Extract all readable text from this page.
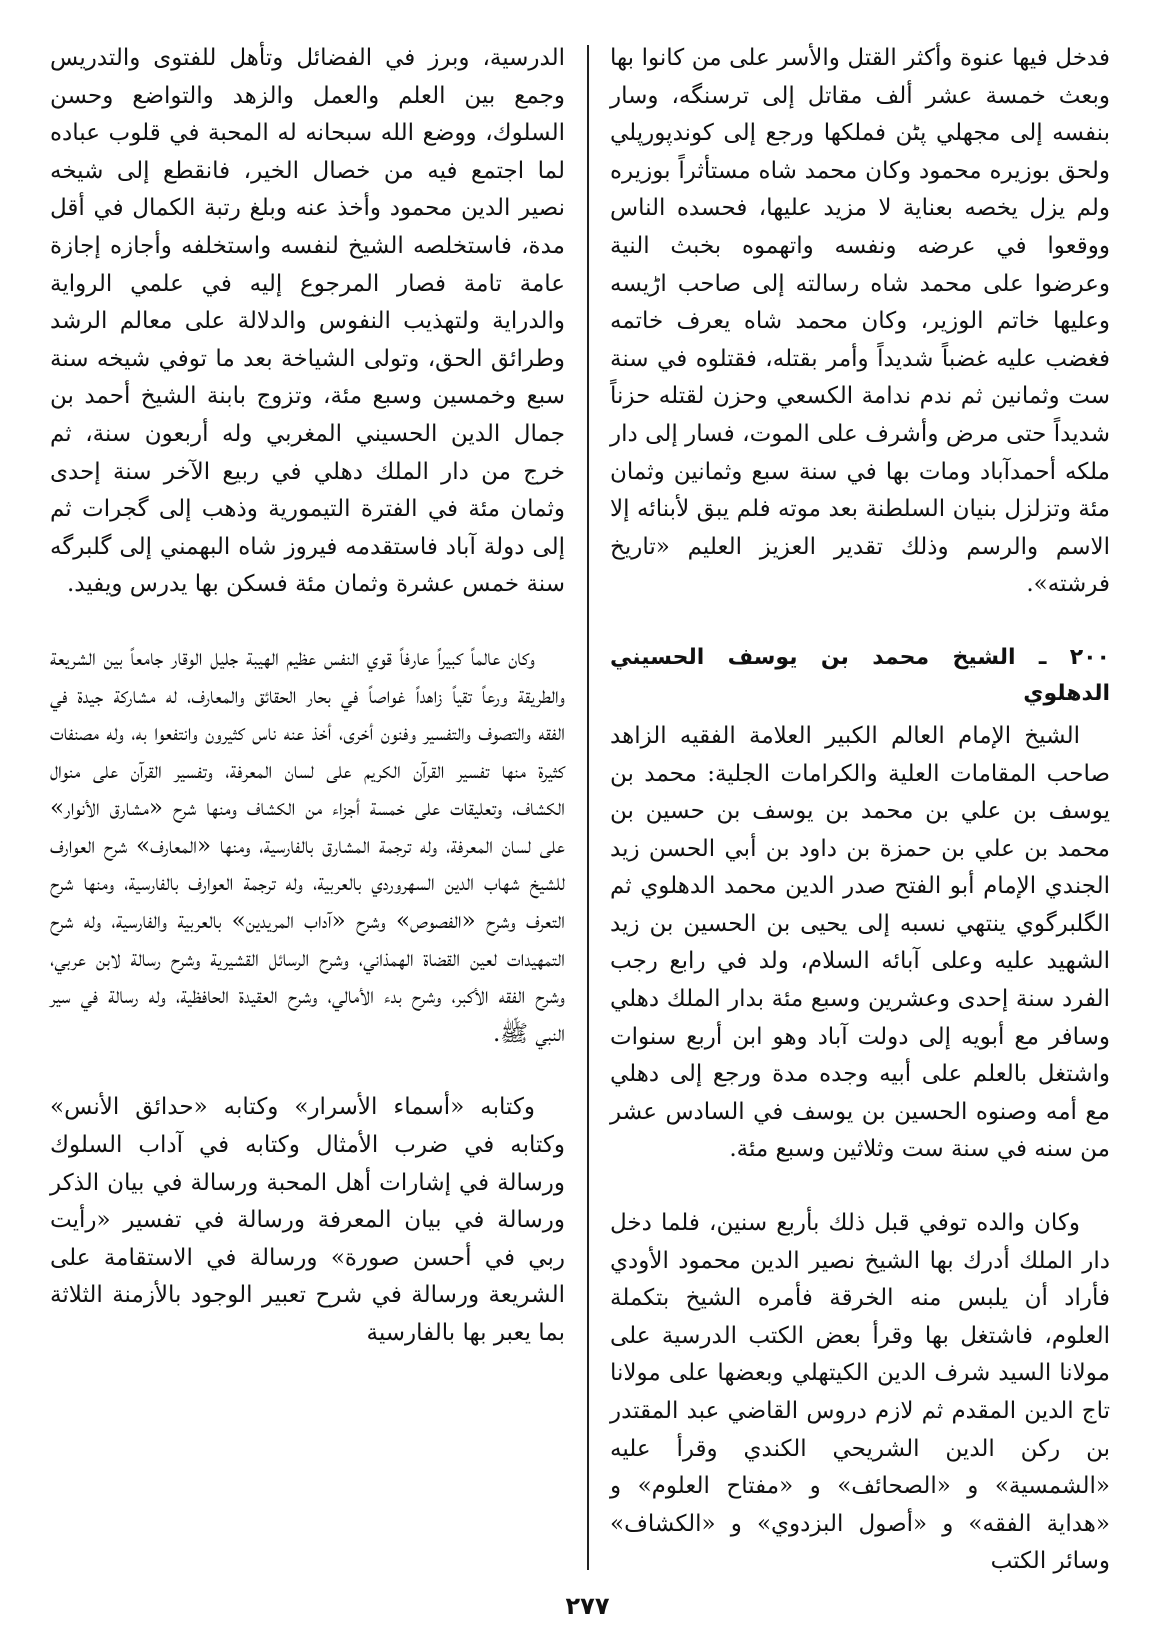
فدخل فيها عنوة وأكثر القتل والأسر على من كانوا بها وبعث خمسة عشر ألف مقاتل إلى ترسنگه، وسار بنفسه إلى مجهلي پٹن فملكها ورجع إلى كوندپورپلي ولحق بوزيره محمود وكان محمد شاه مستأثراً بوزيره ولم يزل يخصه بعناية لا مزيد عليها، فحسده الناس ووقعوا في عرضه ونفسه واتهموه بخبث النية وعرضوا على محمد شاه رسالته إلى صاحب اڑيسه وعليها خاتم الوزير، وكان محمد شاه يعرف خاتمه فغضب عليه غضباً شديداً وأمر بقتله، فقتلوه في سنة ست وثمانين ثم ندم ندامة الكسعي وحزن لقتله حزناً شديداً حتى مرض وأشرف على الموت، فسار إلى دار ملكه أحمدآباد ومات بها في سنة سبع وثمانين وثمان مئة وتزلزل بنيان السلطنة بعد موته فلم يبق لأبنائه إلا الاسم والرسم وذلك تقدير العزيز العليم «تاريخ فرشته».

٢٠٠ ـ الشيخ محمد بن يوسف الحسيني الدهلوي

الشيخ الإمام العالم الكبير العلامة الفقيه الزاهد صاحب المقامات العلية والكرامات الجلية: محمد بن يوسف بن علي بن محمد بن يوسف بن حسين بن محمد بن علي بن حمزة بن داود بن أبي الحسن زيد الجندي الإمام أبو الفتح صدر الدين محمد الدهلوي ثم الگلبرگوي ينتهي نسبه إلى يحيى بن الحسين بن زيد الشهيد عليه وعلى آبائه السلام، ولد في رابع رجب الفرد سنة إحدى وعشرين وسبع مئة بدار الملك دهلي وسافر مع أبويه إلى دولت آباد وهو ابن أربع سنوات واشتغل بالعلم على أبيه وجده مدة ورجع إلى دهلي مع أمه وصنوه الحسين بن يوسف في السادس عشر من سنه في سنة ست وثلاثين وسبع مئة.

وكان والده توفي قبل ذلك بأربع سنين، فلما دخل دار الملك أدرك بها الشيخ نصير الدين محمود الأودي فأراد أن يلبس منه الخرقة فأمره الشيخ بتكملة العلوم، فاشتغل بها وقرأ بعض الكتب الدرسية على مولانا السيد شرف الدين الكيتهلي وبعضها على مولانا تاج الدين المقدم ثم لازم دروس القاضي عبد المقتدر بن ركن الدين الشريحي الكندي وقرأ عليه «الشمسية» و «الصحائف» و «مفتاح العلوم» و «هداية الفقه» و «أصول البزدوي» و «الكشاف» وسائر الكتب

الدرسية، وبرز في الفضائل وتأهل للفتوى والتدريس وجمع بين العلم والعمل والزهد والتواضع وحسن السلوك، ووضع الله سبحانه له المحبة في قلوب عباده لما اجتمع فيه من خصال الخير، فانقطع إلى شيخه نصير الدين محمود وأخذ عنه وبلغ رتبة الكمال في أقل مدة، فاستخلصه الشيخ لنفسه واستخلفه وأجازه إجازة عامة تامة فصار المرجوع إليه في علمي الرواية والدراية ولتهذيب النفوس والدلالة على معالم الرشد وطرائق الحق، وتولى الشياخة بعد ما توفي شيخه سنة سبع وخمسين وسبع مئة، وتزوج بابنة الشيخ أحمد بن جمال الدين الحسيني المغربي وله أربعون سنة، ثم خرج من دار الملك دهلي في ربيع الآخر سنة إحدى وثمان مئة في الفترة التيمورية وذهب إلى گجرات ثم إلى دولة آباد فاستقدمه فيروز شاه البهمني إلى گلبرگه سنة خمس عشرة وثمان مئة فسكن بها يدرس ويفيد.

وكان عالماً كبيراً عارفاً قوي النفس عظيم الهيبة جليل الوقار جامعاً بين الشريعة والطريقة ورعاً تقياً زاهداً غواصاً في بحار الحقائق والمعارف، له مشاركة جيدة في الفقه والتصوف والتفسير وفنون أخرى، أخذ عنه ناس كثيرون وانتفعوا به، وله مصنفات كثيرة منها تفسير القرآن الكريم على لسان المعرفة، وتفسير القرآن على منوال الكشاف، وتعليقات على خمسة أجزاء من الكشاف ومنها شرح «مشارق الأنوار» على لسان المعرفة، وله ترجمة المشارق بالفارسية، ومنها «المعارف» شرح العوارف للشيخ شهاب الدين السهروردي بالعربية، وله ترجمة العوارف بالفارسية، ومنها شرح التعرف وشرح «الفصوص» وشرح «آداب المريدين» بالعربية والفارسية، وله شرح التمهيدات لعين القضاة الهمذاني، وشرح الرسائل القشيرية وشرح رسالة لابن عربي، وشرح الفقه الأكبر، وشرح بدء الأمالي، وشرح العقيدة الحافظية، وله رسالة في سير النبي ﷺ.

وكتابه «أسماء الأسرار» وكتابه «حدائق الأنس» وكتابه في ضرب الأمثال وكتابه في آداب السلوك ورسالة في إشارات أهل المحبة ورسالة في بيان الذكر ورسالة في بيان المعرفة ورسالة في تفسير «رأيت ربي في أحسن صورة» ورسالة في الاستقامة على الشريعة ورسالة في شرح تعبير الوجود بالأزمنة الثلاثة بما يعبر بها بالفارسية

٢٧٧
